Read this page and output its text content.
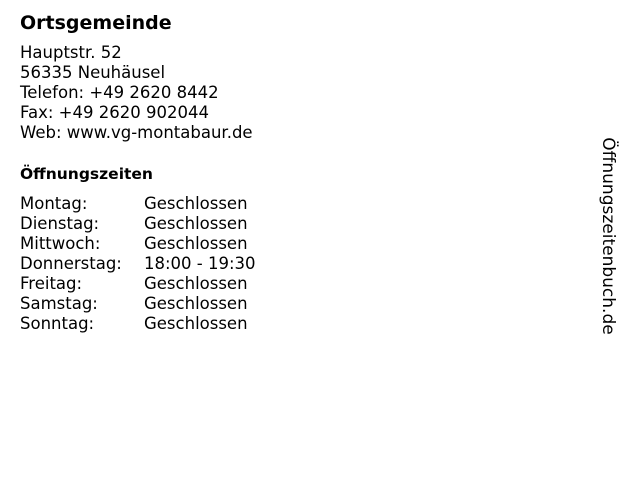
Ortsgemeinde
Hauptstr. 52
56335 Neuhäusel
Telefon: +49 2620 8442
Fax: +49 2620 902044
Web: www.vg-montabaur.de
Öffnungszeiten
Montag:	Geschlossen
Dienstag:	Geschlossen
Mittwoch:	Geschlossen
Donnerstag:	18:00 - 19:30
Freitag:	Geschlossen
Samstag:	Geschlossen
Sonntag:	Geschlossen	Öffnungszeitenbuch.de
